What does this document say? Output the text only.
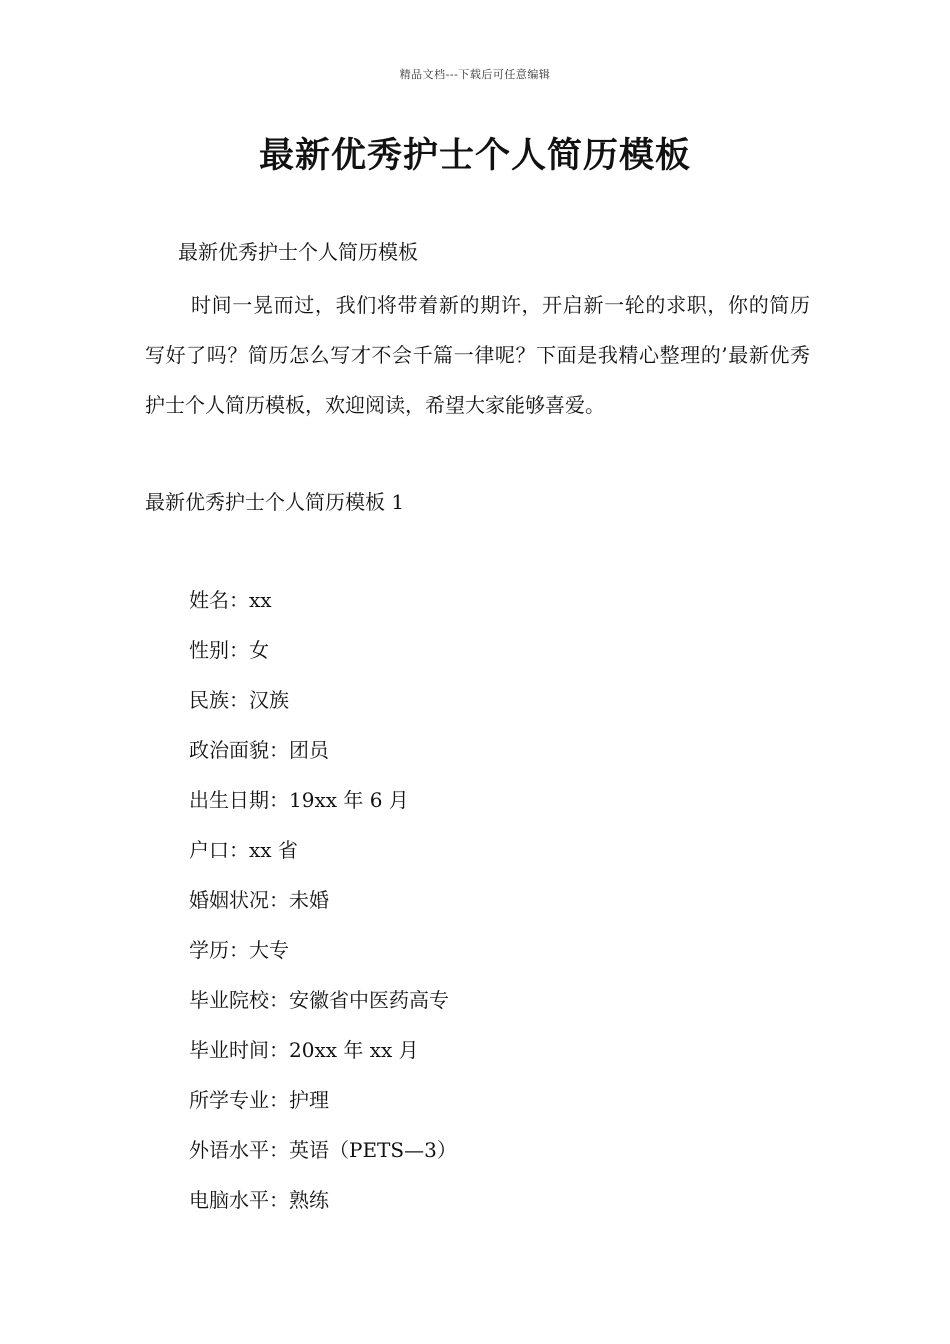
精品文档---下载后可任意编辑
最新优秀护士个人简历模板
最新优秀护士个人简历模板

时间一晃而过，我们将带着新的期许，开启新一轮的求职，你的简历写好了吗？简历怎么写才不会千篇一律呢？下面是我精心整理的’最新优秀护士个人简历模板，欢迎阅读，希望大家能够喜爱。

最新优秀护士个人简历模板 1
姓名：xx
性别：女
民族：汉族
政治面貌：团员
出生日期：19xx 年 6 月
户口：xx 省
婚姻状况：未婚
学历：大专
毕业院校：安徽省中医药高专
毕业时间：20xx 年 xx 月
所学专业：护理
外语水平：英语（PETS—3）
电脑水平：熟练
